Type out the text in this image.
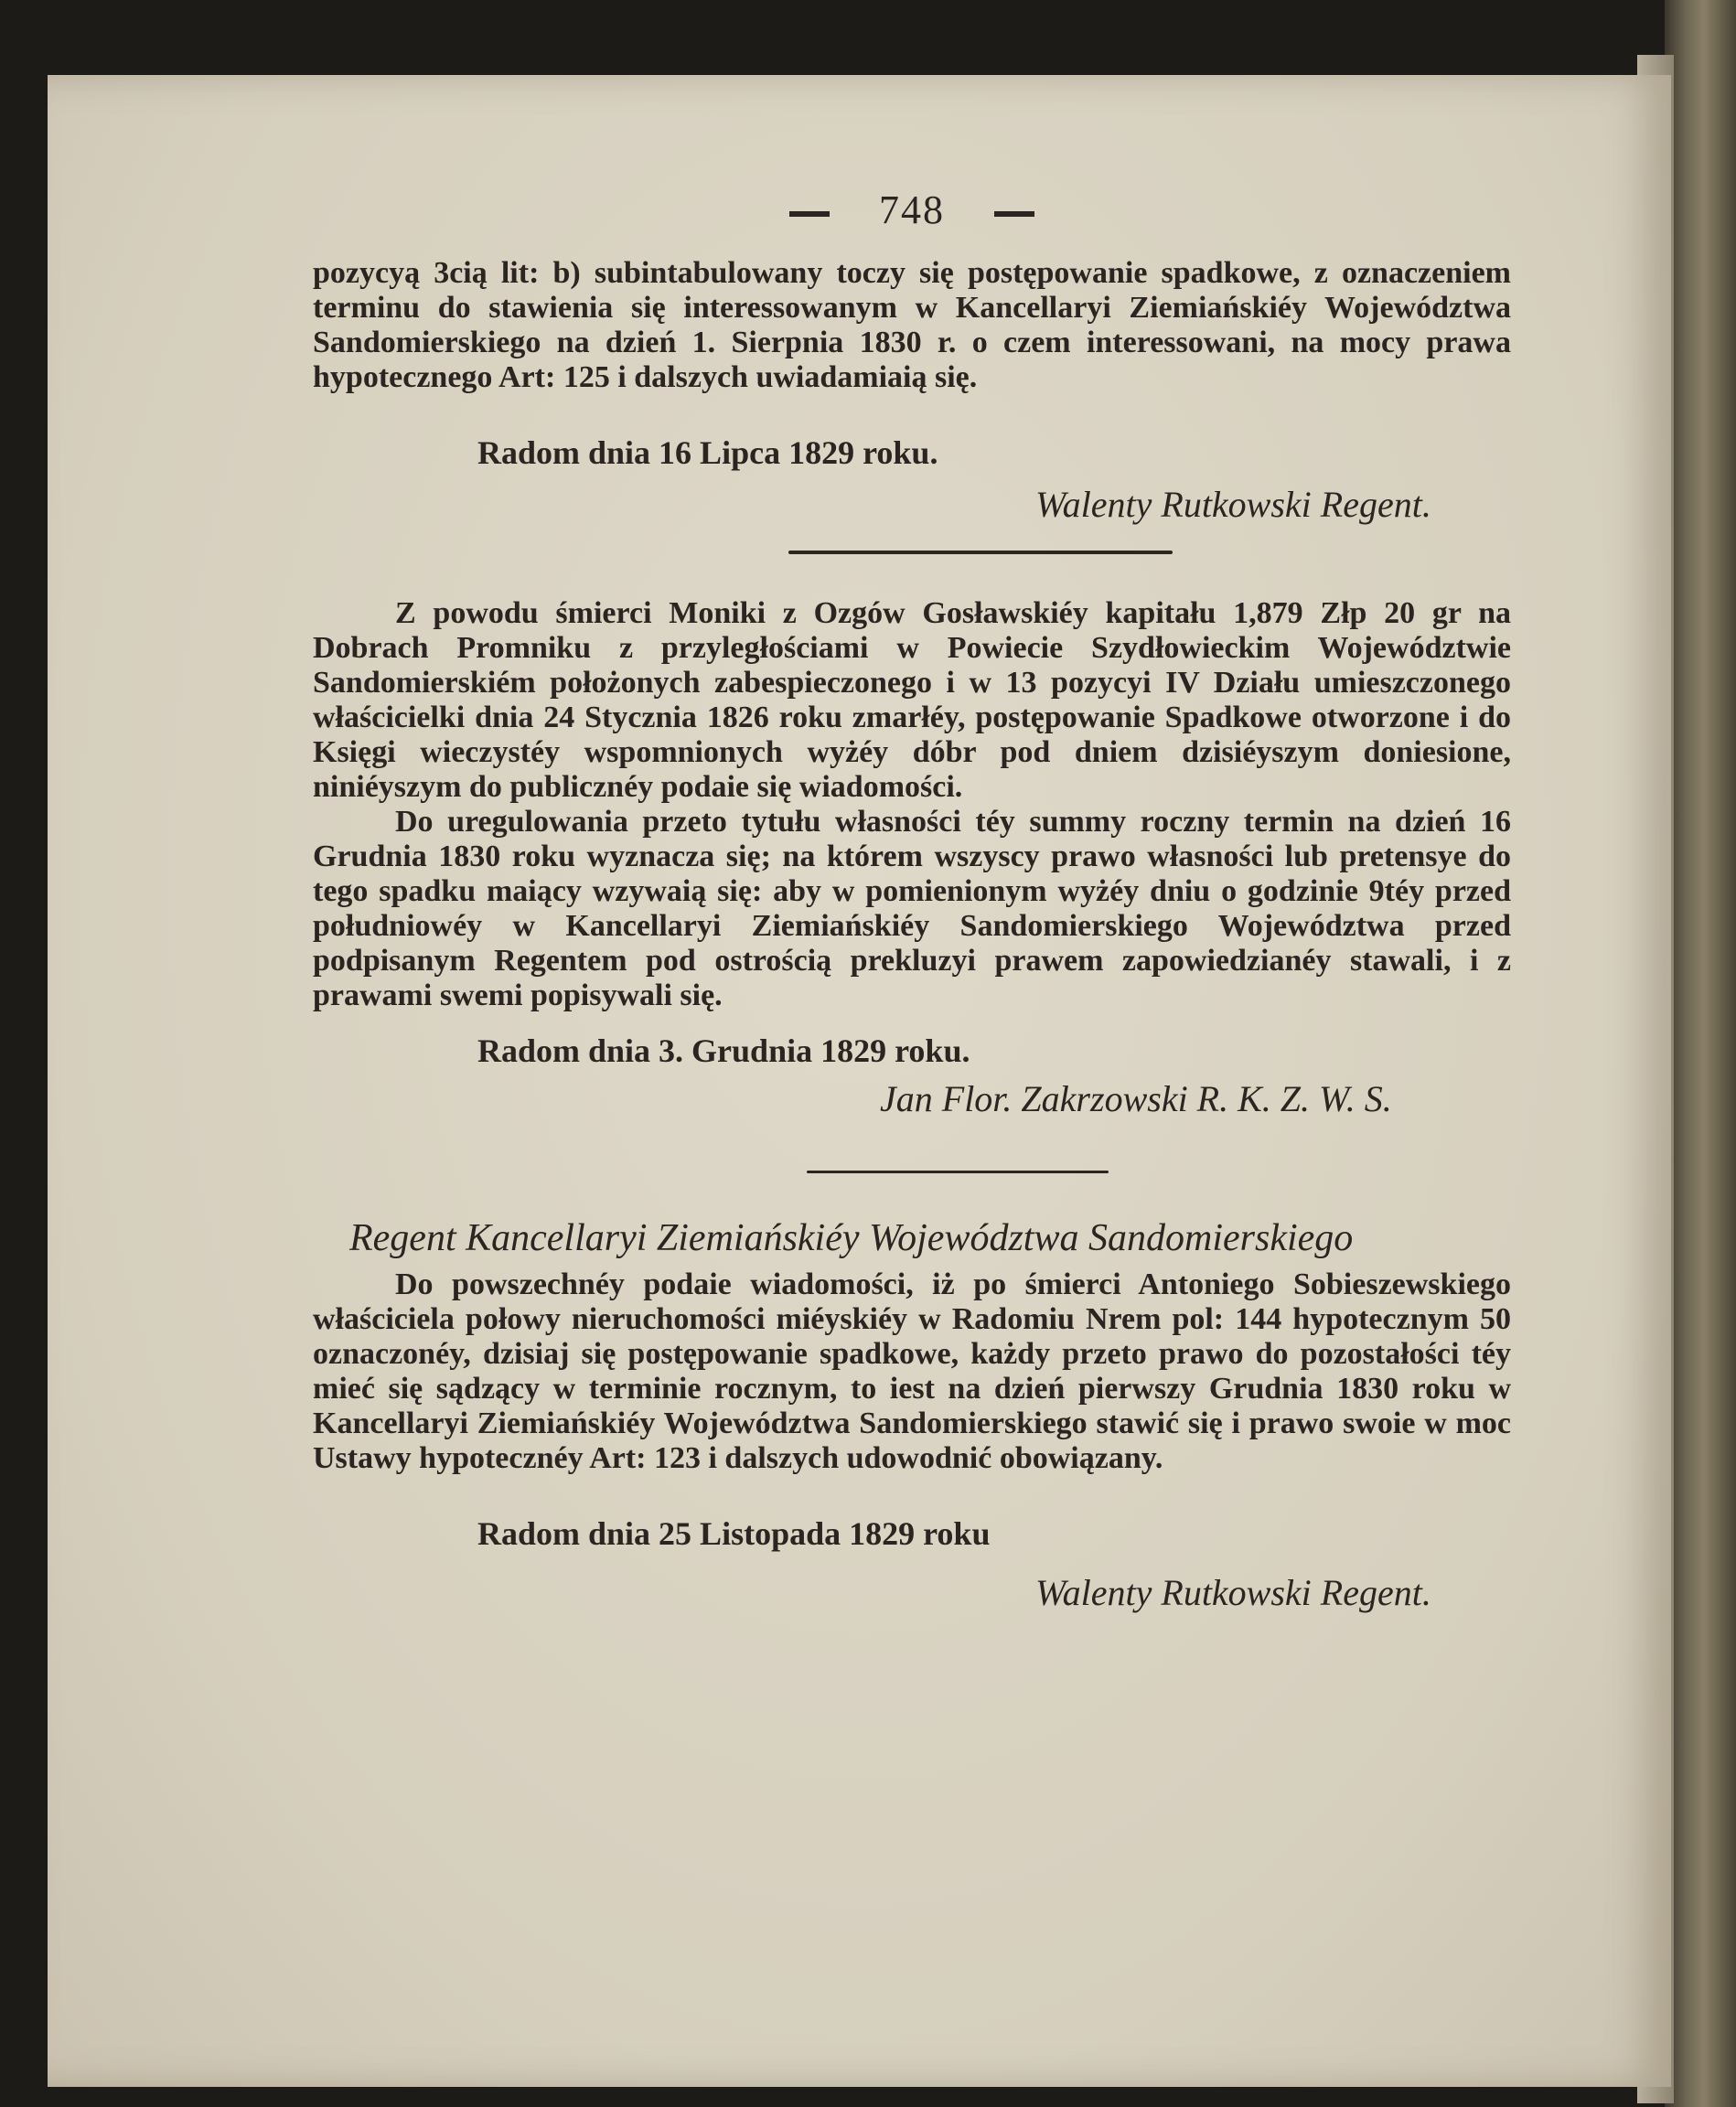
748

pozycyą 3cią lit: b) subintabulowany toczy się postępowanie spadkowe, z oznaczeniem terminu do stawienia się interessowanym w Kancellaryi Ziemiańskiéy Województwa Sandomierskiego na dzień 1. Sierpnia 1830 r. o czem interessowani, na mocy prawa hypotecznego Art: 125 i dalszych uwiadamiaią się.

Radom dnia 16 Lipca 1829 roku.
Walenty Rutkowski Regent.

Z powodu śmierci Moniki z Ozgów Gosławskiéy kapitału 1,879 Złp 20 gr na Dobrach Promniku z przyległościami w Powiecie Szydłowieckim Województwie Sandomierskiém położonych zabespieczonego i w 13 pozycyi IV Działu umieszczonego właścicielki dnia 24 Stycznia 1826 roku zmarłéy, postępowanie Spadkowe otworzone i do Księgi wieczystéy wspomnionych wyżéy dóbr pod dniem dzisiéyszym doniesione, niniéyszym do publicznéy podaie się wiadomości.

Do uregulowania przeto tytułu własności téy summy roczny termin na dzień 16 Grudnia 1830 roku wyznacza się; na którem wszyscy prawo własności lub pretensye do tego spadku maiący wzywaią się: aby w pomienionym wyżéy dniu o godzinie 9téy przed południowéy w Kancellaryi Ziemiańskiéy Sandomierskiego Województwa przed podpisanym Regentem pod ostrością prekluzyi prawem zapowiedzianéy stawali, i z prawami swemi popisywali się.

Radom dnia 3. Grudnia 1829 roku.
Jan Flor. Zakrzowski R. K. Z. W. S.
Regent Kancellaryi Ziemiańskiéy Województwa Sandomierskiego

Do powszechnéy podaie wiadomości, iż po śmierci Antoniego Sobieszewskiego właściciela połowy nieruchomości miéyskiéy w Radomiu Nrem pol: 144 hypotecznym 50 oznaczonéy, dzisiaj się postępowanie spadkowe, każdy przeto prawo do pozostałości téy mieć się sądzący w terminie rocznym, to iest na dzień pierwszy Grudnia 1830 roku w Kancellaryi Ziemiańskiéy Województwa Sandomierskiego stawić się i prawo swoie w moc Ustawy hypotecznéy Art: 123 i dalszych udowodnić obowiązany.

Radom dnia 25 Listopada 1829 roku
Walenty Rutkowski Regent.
